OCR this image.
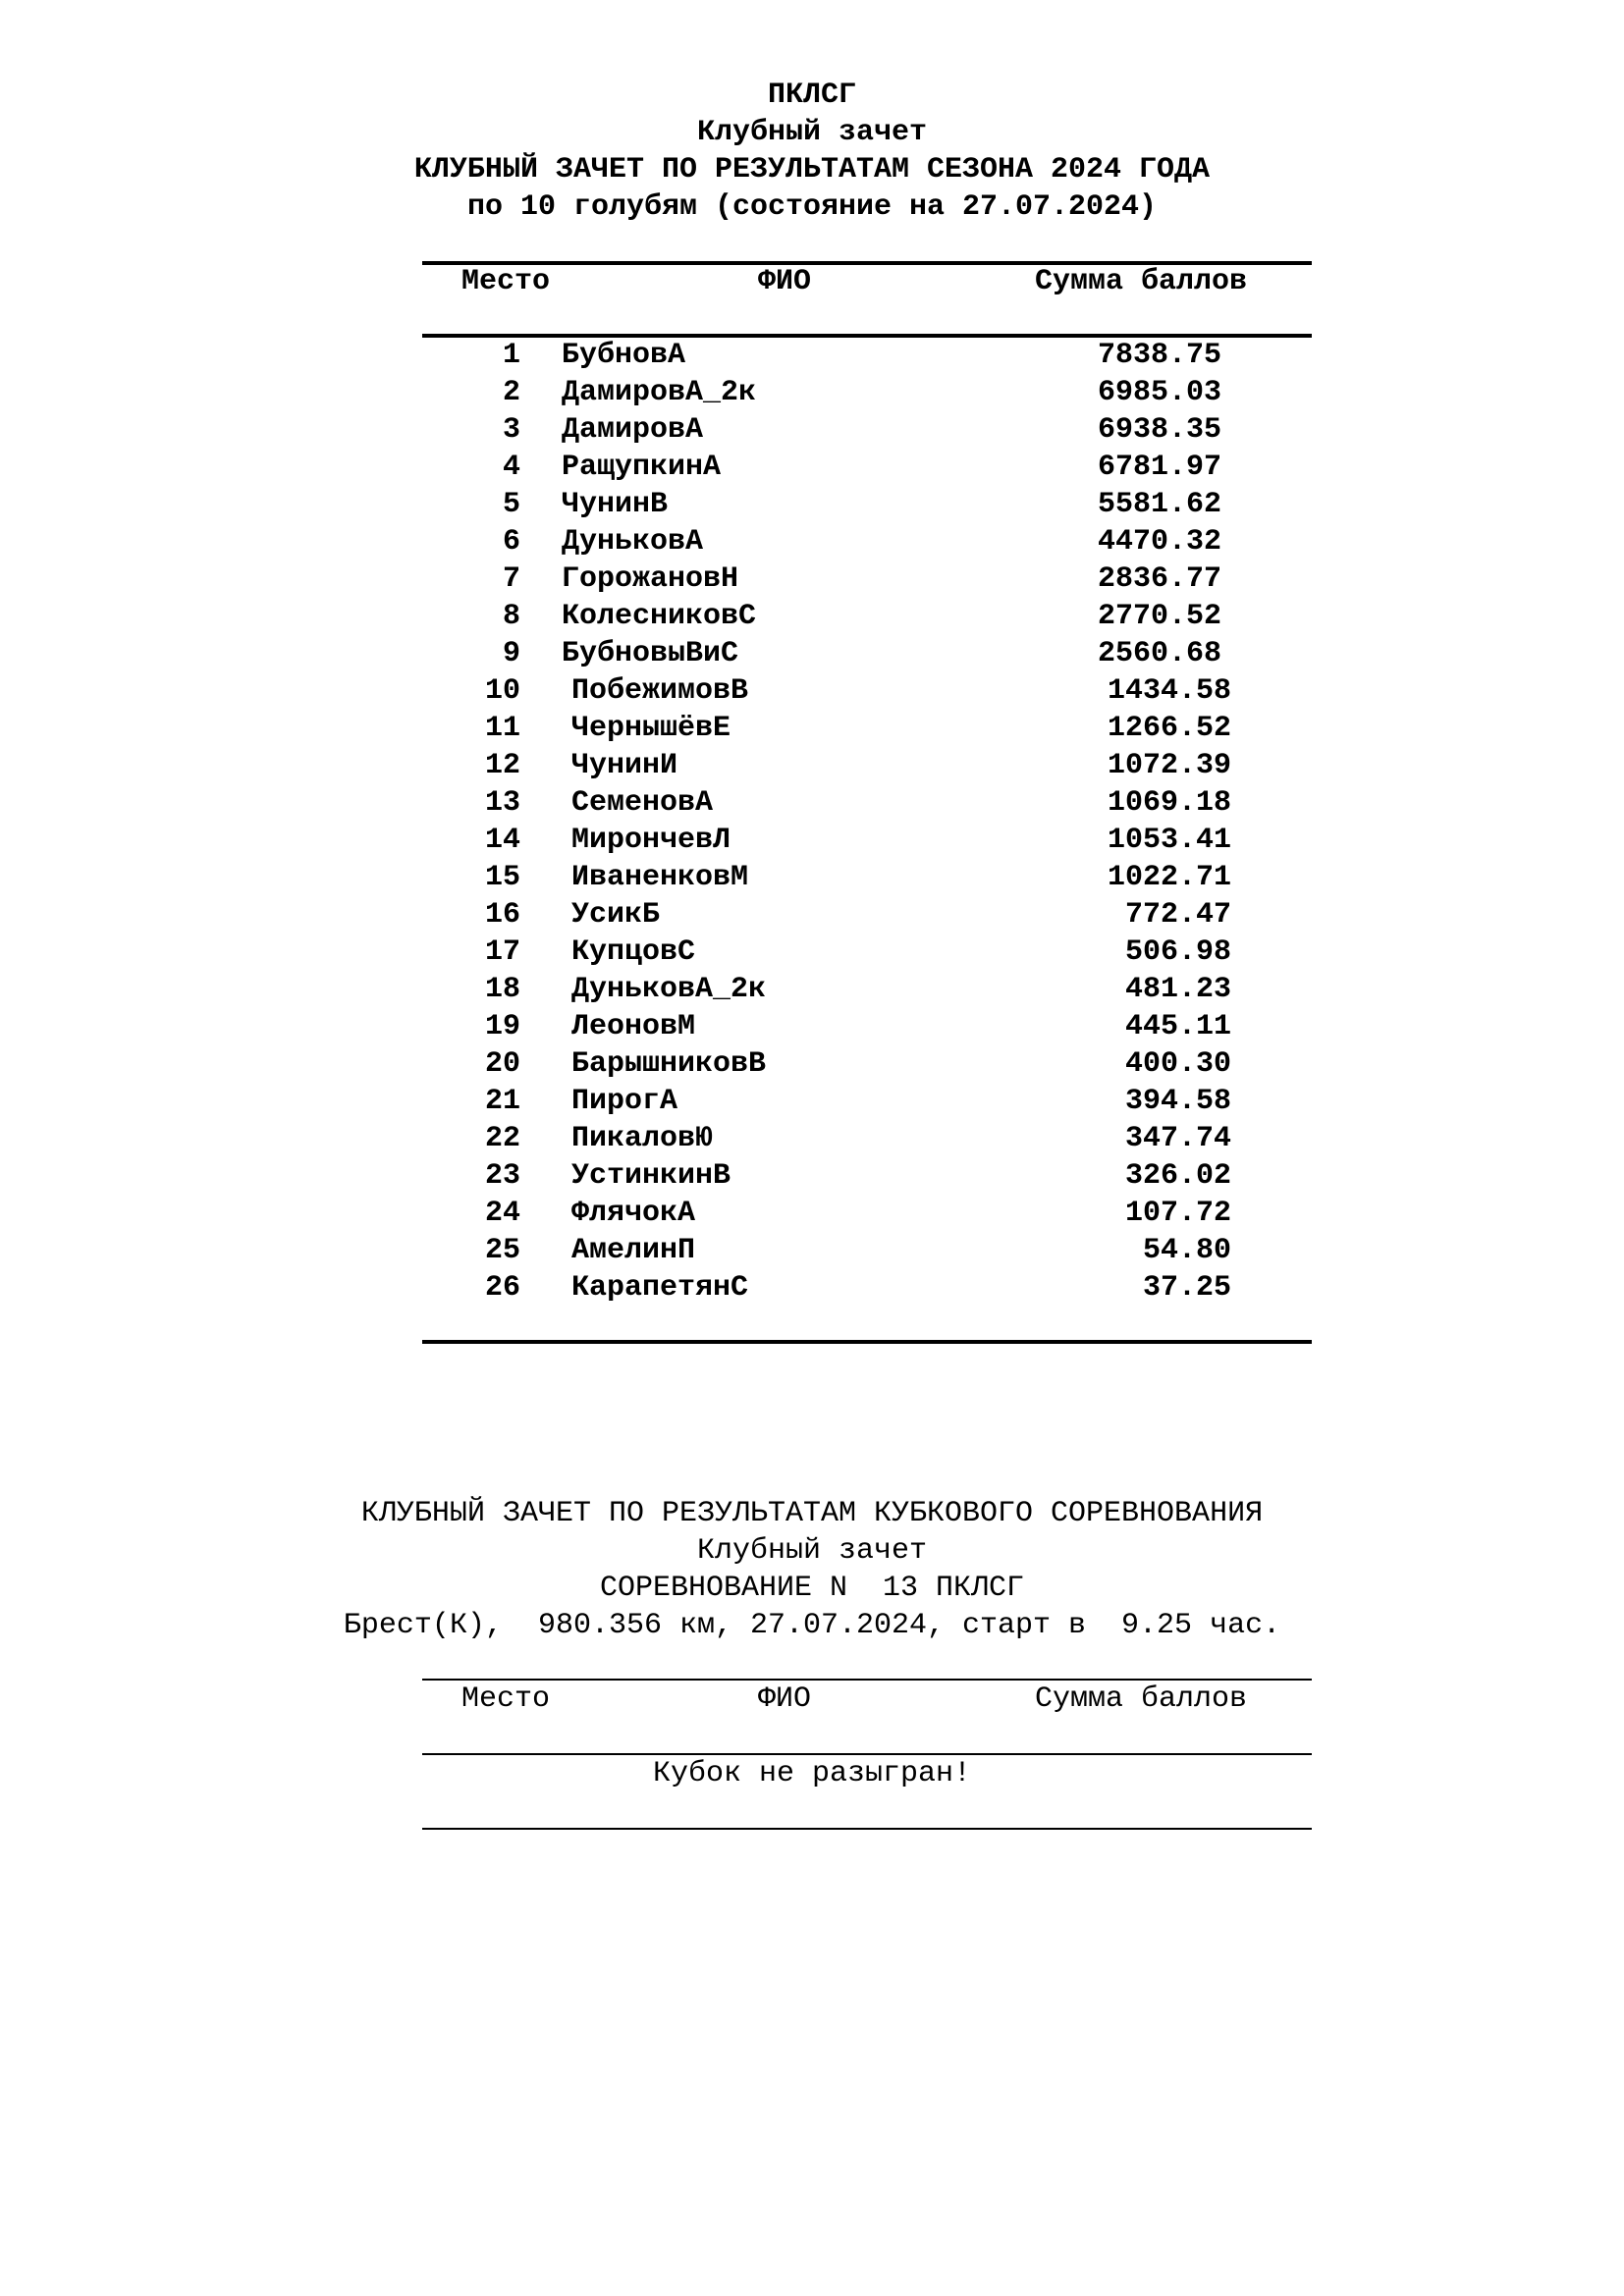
ПКЛСГ
Клубный зачет
КЛУБНЫЙ ЗАЧЕТ ПО РЕЗУЛЬТАТАМ СЕЗОНА 2024 ГОДА
по 10 голубям (состояние на 27.07.2024)
Место	ФИО	Сумма баллов
1 БубновА	7838.75
2 ДамировА_2к	6985.03
3 ДамировА	6938.35
4 РащупкинА	6781.97
5 ЧунинВ	5581.62
6 ДуньковА	4470.32
7 ГорожановН	2836.77
8 КолесниковС	2770.52
9 БубновыВиС	2560.68
10 ПобежимовВ	1434.58
11 ЧернышёвЕ	1266.52
12 ЧунинИ	1072.39
13 СеменовА	1069.18
14 МирончевЛ	1053.41
15 ИваненковМ	1022.71
16 УсикБ	772.47
17 КупцовС	506.98
18 ДуньковА_2к	481.23
19 ЛеоновМ	445.11
20 БарышниковВ	400.30
21 ПирогА	394.58
22 ПикаловЮ	347.74
23 УстинкинВ	326.02
24 ФлячокА	107.72
25 АмелинП	54.80
26 КарапетянС	37.25
КЛУБНЫЙ ЗАЧЕТ ПО РЕЗУЛЬТАТАМ КУБКОВОГО СОРЕВНОВАНИЯ
Клубный зачет
СОРЕВНОВАНИЕ N  13 ПКЛСГ
Брест(К),  980.356 км, 27.07.2024, старт в  9.25 час.
Место	ФИО	Сумма баллов
Кубок не разыгран!
